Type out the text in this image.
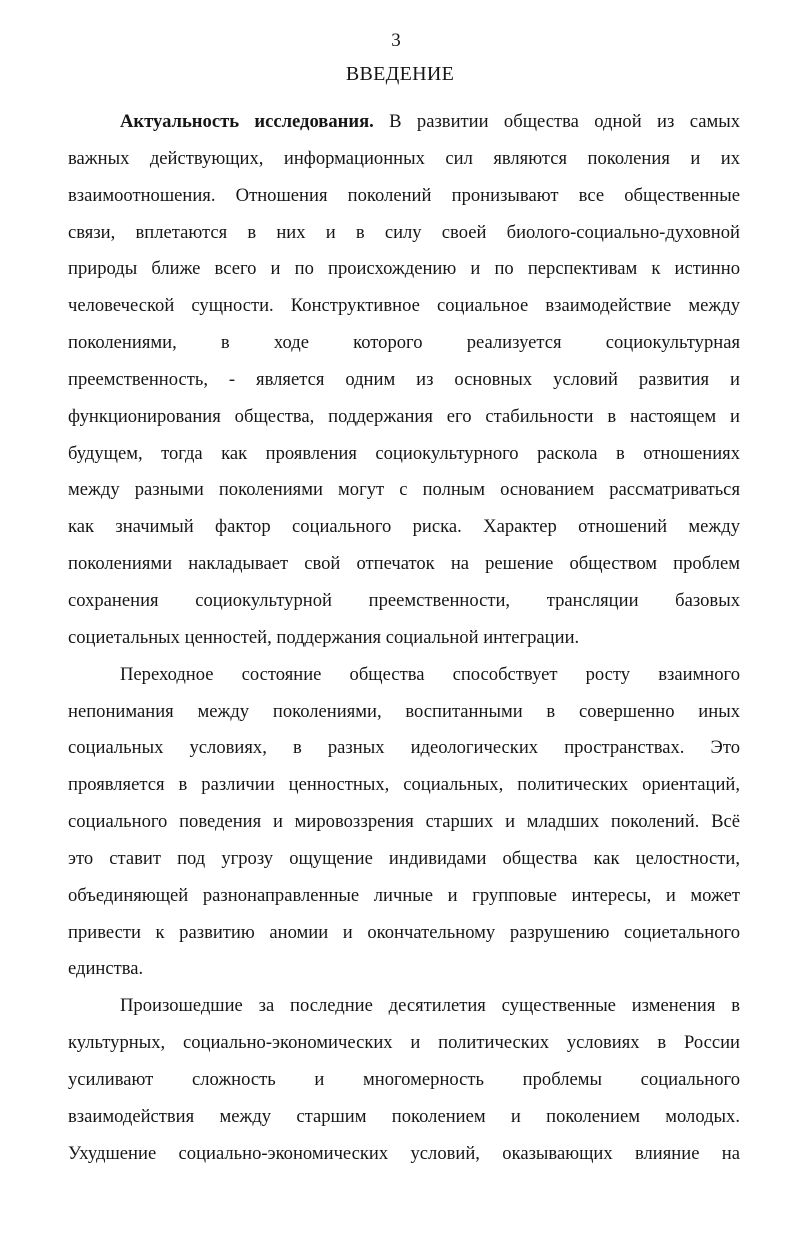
3
ВВЕДЕНИЕ
Актуальность исследования. В развитии общества одной из самых
важных действующих, информационных сил являются поколения и их
взаимоотношения. Отношения поколений пронизывают все общественные
связи, вплетаются в них и в силу своей биолого-социально-духовной
природы ближе всего и по происхождению и по перспективам к истинно
человеческой сущности. Конструктивное социальное взаимодействие между
поколениями, в ходе которого реализуется социокультурная
преемственность, - является одним из основных условий развития и
функционирования общества, поддержания его стабильности в настоящем и
будущем, тогда как проявления социокультурного раскола в отношениях
между разными поколениями могут с полным основанием рассматриваться
как значимый фактор социального риска. Характер отношений между
поколениями накладывает свой отпечаток на решение обществом проблем
сохранения социокультурной преемственности, трансляции базовых
социетальных ценностей, поддержания социальной интеграции.
Переходное состояние общества способствует росту взаимного
непонимания между поколениями, воспитанными в совершенно иных
социальных условиях, в разных идеологических пространствах. Это
проявляется в различии ценностных, социальных, политических ориентаций,
социального поведения и мировоззрения старших и младших поколений. Всё
это ставит под угрозу ощущение индивидами общества как целостности,
объединяющей разнонаправленные личные и групповые интересы, и может
привести к развитию аномии и окончательному разрушению социетального
единства.
Произошедшие за последние десятилетия существенные изменения в
культурных, социально-экономических и политических условиях в России
усиливают сложность и многомерность проблемы социального
взаимодействия между старшим поколением и поколением молодых.
Ухудшение социально-экономических условий, оказывающих влияние на
